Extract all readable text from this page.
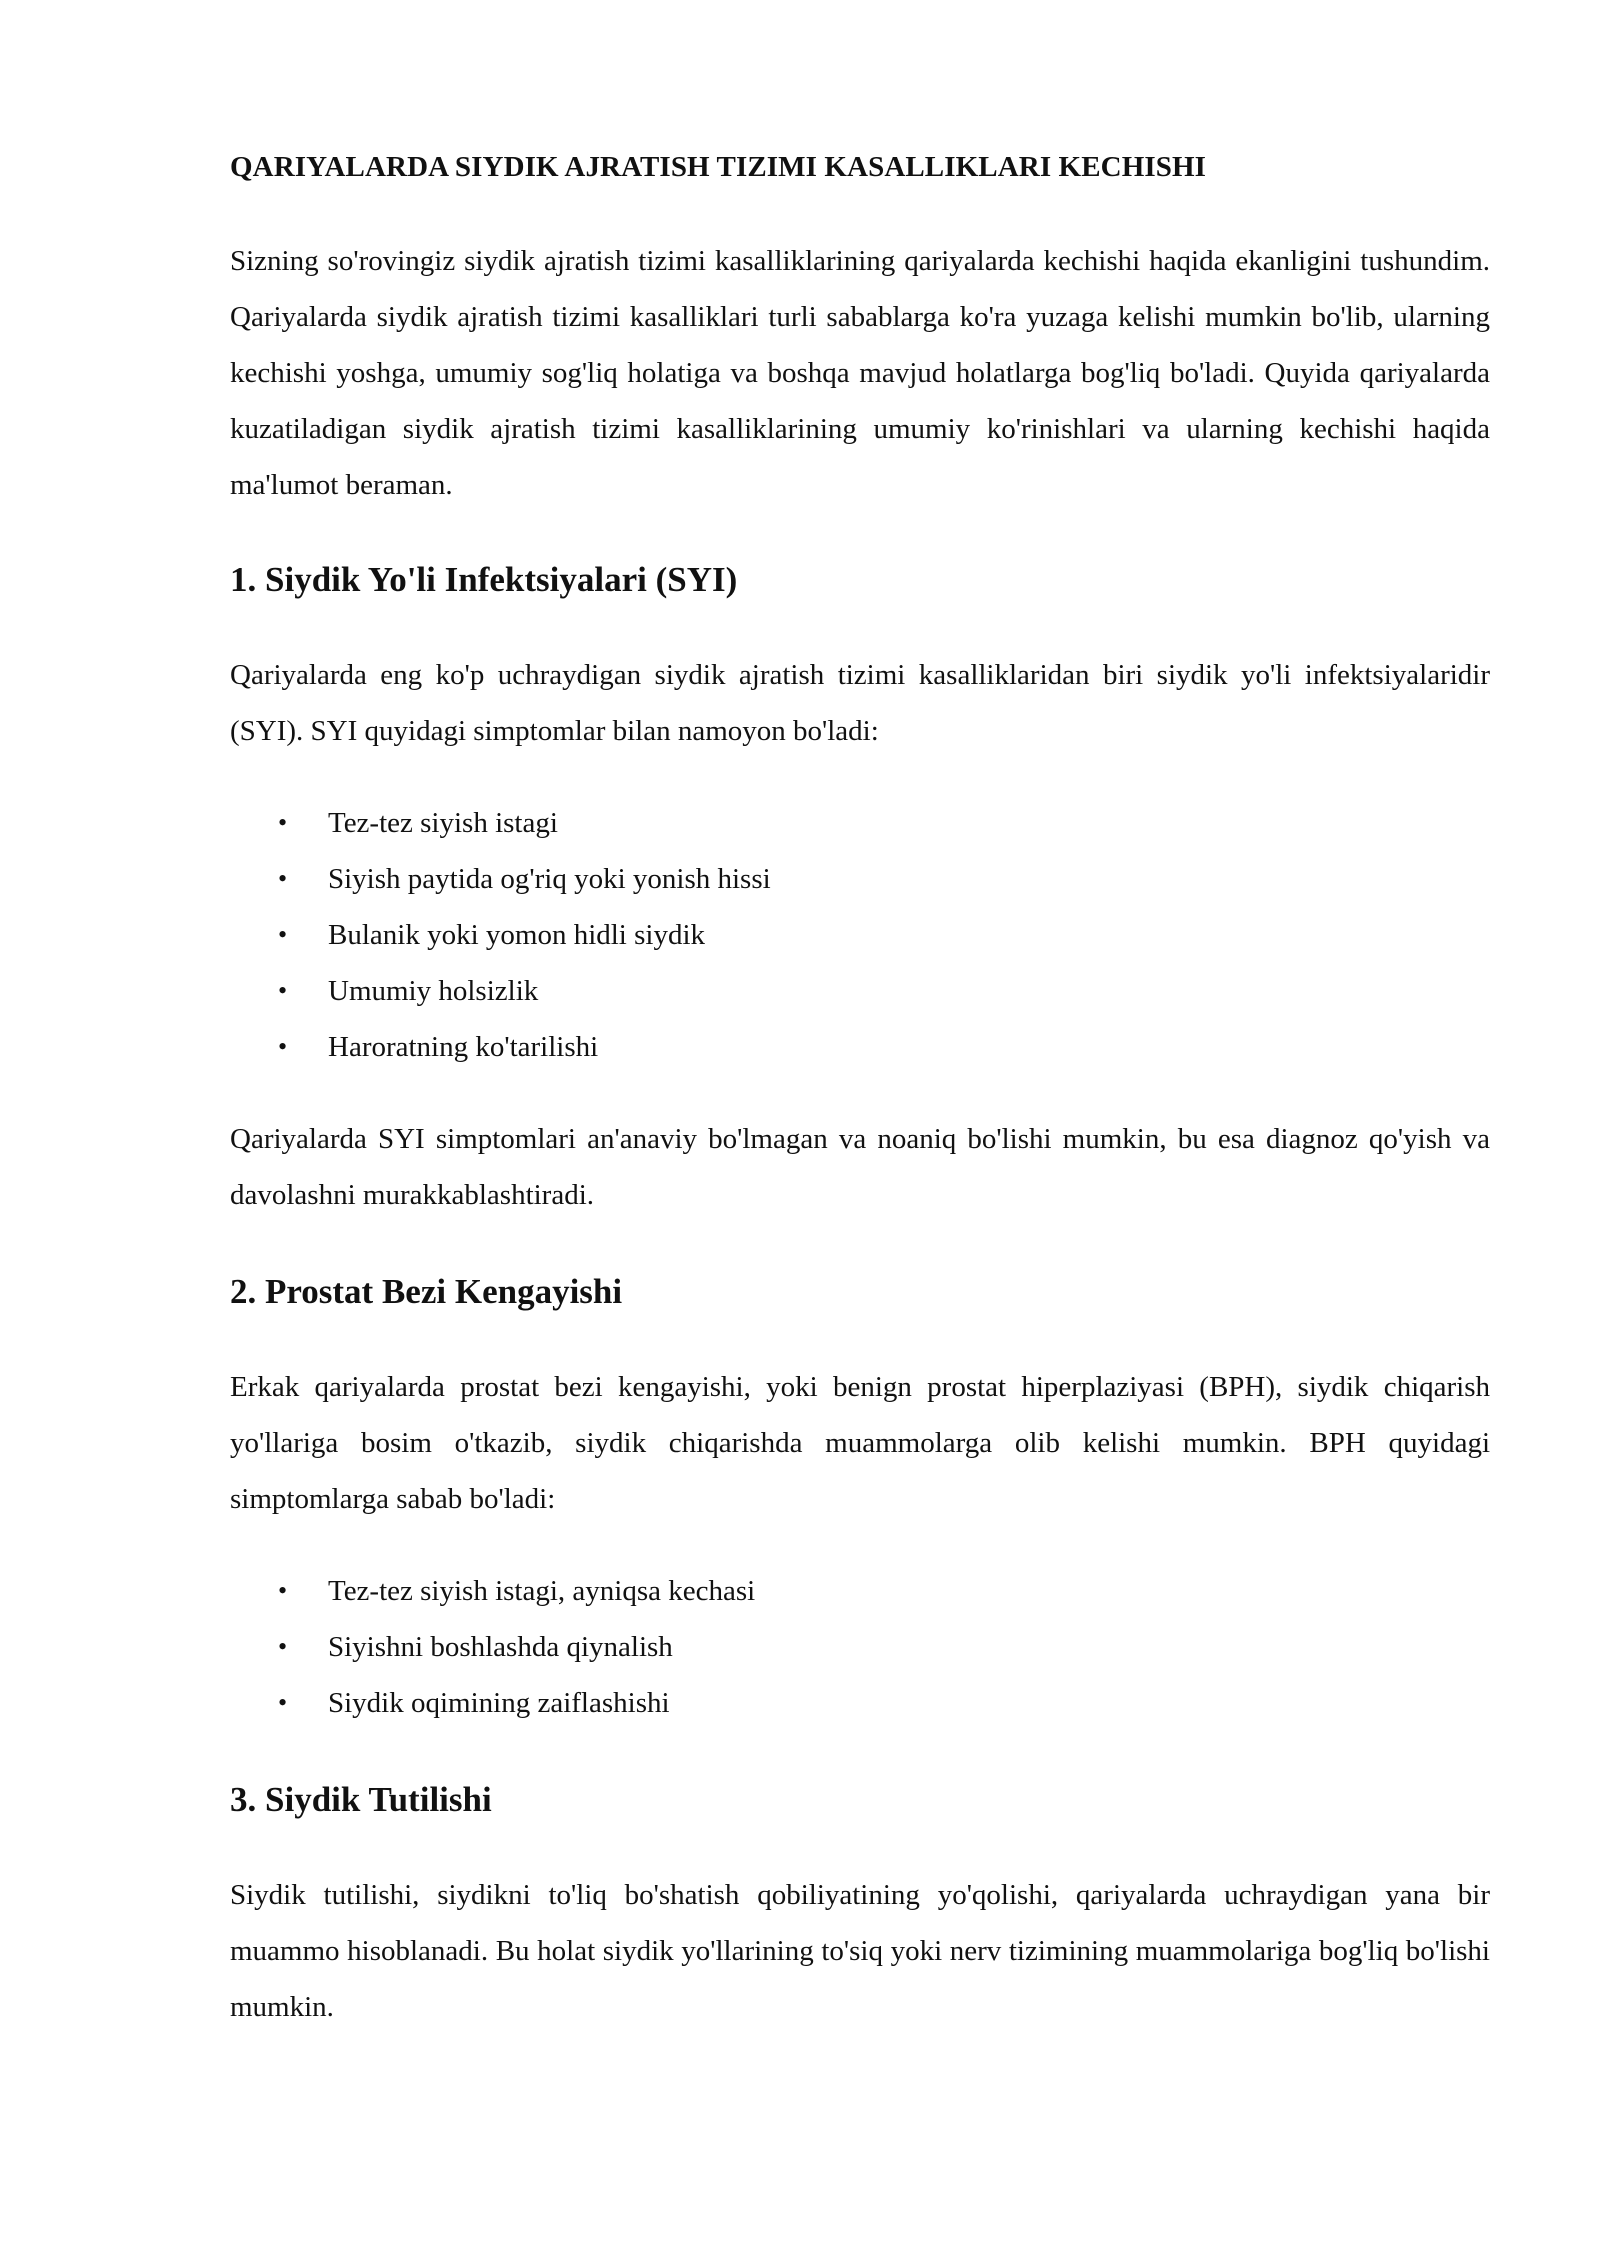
QARIYALARDA SIYDIK AJRATISH TIZIMI KASALLIKLARI KECHISHI

Sizning so'rovingiz siydik ajratish tizimi kasalliklarining qariyalarda kechishi haqida ekanligini tushundim. Qariyalarda siydik ajratish tizimi kasalliklari turli sabablarga ko'ra yuzaga kelishi mumkin bo'lib, ularning kechishi yoshga, umumiy sog'liq holatiga va boshqa mavjud holatlarga bog'liq bo'ladi. Quyida qariyalarda kuzatiladigan siydik ajratish tizimi kasalliklarining umumiy ko'rinishlari va ularning kechishi haqida ma'lumot beraman.

1. Siydik Yo'li Infektsiyalari (SYI)

Qariyalarda eng ko'p uchraydigan siydik ajratish tizimi kasalliklaridan biri siydik yo'li infektsiyalaridir (SYI). SYI quyidagi simptomlar bilan namoyon bo'ladi:

• Tez-tez siyish istagi
• Siyish paytida og'riq yoki yonish hissi
• Bulanik yoki yomon hidli siydik
• Umumiy holsizlik
• Haroratning ko'tarilishi

Qariyalarda SYI simptomlari an'anaviy bo'lmagan va noaniq bo'lishi mumkin, bu esa diagnoz qo'yish va davolashni murakkablashtiradi.

2. Prostat Bezi Kengayishi

Erkak qariyalarda prostat bezi kengayishi, yoki benign prostat hiperplaziyasi (BPH), siydik chiqarish yo'llariga bosim o'tkazib, siydik chiqarishda muammolarga olib kelishi mumkin. BPH quyidagi simptomlarga sabab bo'ladi:

• Tez-tez siyish istagi, ayniqsa kechasi
• Siyishni boshlashda qiynalish
• Siydik oqimining zaiflashishi
3. Siydik Tutilishi

Siydik tutilishi, siydikni to'liq bo'shatish qobiliyatining yo'qolishi, qariyalarda uchraydigan yana bir muammo hisoblanadi. Bu holat siydik yo'llarining to'siq yoki nerv tizimining muammolariga bog'liq bo'lishi mumkin.
